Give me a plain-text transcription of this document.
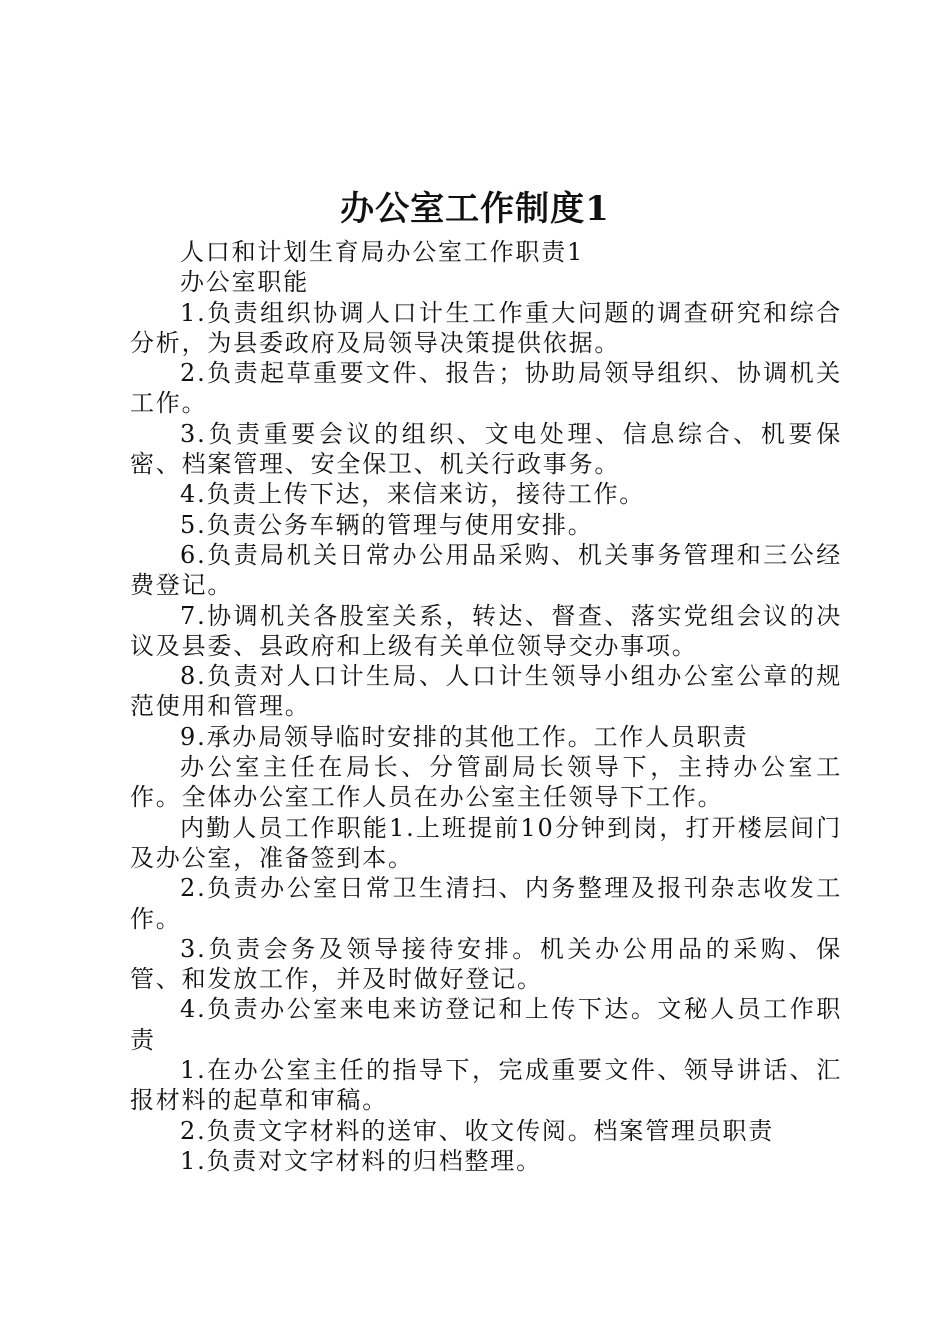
办公室工作制度1

人口和计划生育局办公室工作职责1

办公室职能

1.负责组织协调人口计生工作重大问题的调查研究和综合分析，为县委政府及局领导决策提供依据。

2.负责起草重要文件、报告；协助局领导组织、协调机关工作。

3.负责重要会议的组织、文电处理、信息综合、机要保密、档案管理、安全保卫、机关行政事务。

4.负责上传下达，来信来访，接待工作。

5.负责公务车辆的管理与使用安排。

6.负责局机关日常办公用品采购、机关事务管理和三公经费登记。

7.协调机关各股室关系，转达、督查、落实党组会议的决议及县委、县政府和上级有关单位领导交办事项。

8.负责对人口计生局、人口计生领导小组办公室公章的规范使用和管理。

9.承办局领导临时安排的其他工作。工作人员职责

办公室主任在局长、分管副局长领导下，主持办公室工作。全体办公室工作人员在办公室主任领导下工作。

内勤人员工作职能1.上班提前10分钟到岗，打开楼层间门及办公室，准备签到本。

2.负责办公室日常卫生清扫、内务整理及报刊杂志收发工作。

3.负责会务及领导接待安排。机关办公用品的采购、保管、和发放工作，并及时做好登记。

4.负责办公室来电来访登记和上传下达。文秘人员工作职责

1.在办公室主任的指导下，完成重要文件、领导讲话、汇报材料的起草和审稿。

2.负责文字材料的送审、收文传阅。档案管理员职责

1.负责对文字材料的归档整理。
